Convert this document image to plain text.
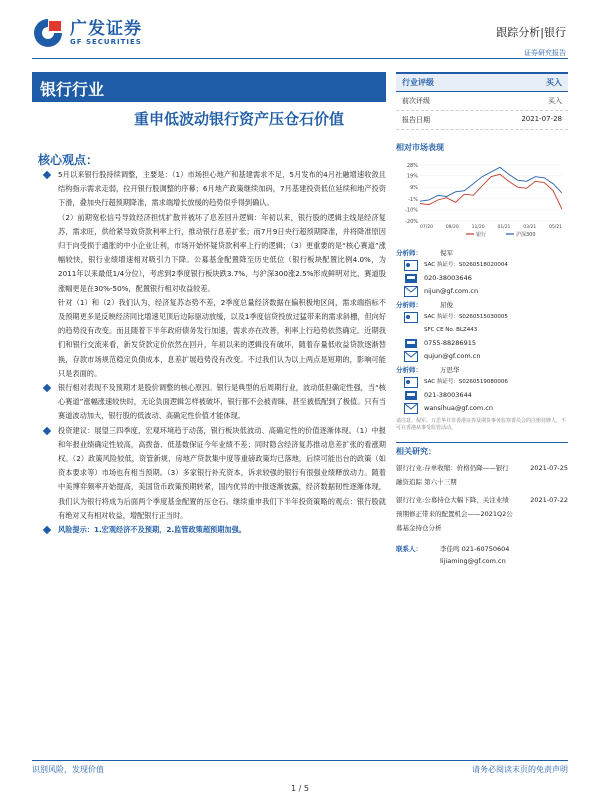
广发证券
GF SECURITIES
跟踪分析|银行
证券研究报告
银行行业
重申低波动银行资产压仓石价值
核心观点：
5月以来银行股持续调整，主要是：（1）市场担心地产和基建需求不足，5月发布的4月社融增速收敛且结构指示需求走弱，拉开银行股调整的序幕；6月地产政策继续加码，7月基建投资低位延续和地产投资下滑，叠加央行超预期降准，需求端增长放缓的趋势似乎得到确认。
（2）前期宽松信号导致经济担忧扩散并被坏了息差回升逻辑：年初以来，银行股的逻辑主线是经济复苏，需求旺，供给紧导致贷款利率上行，推动银行息差扩张；而7月9日央行超预期降准，并将降准原因归于向受损于通胀的中小企业让利，市场开始怀疑贷款利率上行的逻辑；（3）更重要的是“核心赛道”涨幅较快，银行业绩增速相对吸引力下降。公募基金配置降至历史低位（银行板块配置比例4.0%，为2011年以来最低1/4分位），考虑到2季度银行板块跌3.7%，与沪深300涨2.5%形成鲜明对比，赛道股涨幅更是在30%-50%，配置银行相对收益较差。
针对（1）和（2）我们认为，经济复苏态势不差，2季度总量经济数据在偏积极地区间，需求端指标不及预期更多是反映经济同比增速见顶后边际驱动放缓，以及1季度信贷投放过猛带来的需求斜栅，但向好的趋势没有改变。而且随着下半年政府债务发行加速，需求亦在改善，利率上行趋势依然确定。近期我们和银行交流来看，新发贷款定价依然在回升，年初以来的逻辑没有破坏，随着存量低收益贷款逐渐替换，存款市场规范稳定负债成本，息差扩展趋势没有改变。不过我们认为以上两点是短期的，影响可能只是表面的。
银行相对表现不及预期才是股价调整的核心原因。银行是典型的后周期行业，波动低但确定性强，当“核心赛道”涨幅涨速较快时，无论负面逻辑怎样被破坏，银行都不会被青睐，甚至被低配到了极值。只有当赛道波动加大，银行股的低波动、高确定性价值才能体现。
投资建议：展望三四季度，宏观环境趋于动荡，银行板块低波动、高确定性的价值逐渐体现。（1）中报和年报业绩确定性较高，高拨备、低基数保证今年业绩不差；同时隐含经济复苏推动息差扩张的看涨期权。（2）政策风险较低，资管新规、房地产贷款集中度等重磅政策均已落地，后续可能出台的政策（如资本要求等）市场也有相当预期。（3）多家银行补充资本，诉求较强的银行有很强业绩释放动力。随着中美博弈频率开始提高，美国货币政策预期转紧，国内优异的中报逐渐披露，经济数据韧性逐渐体现，我们认为银行将成为后面两个季度基金配置的压仓石。继续重申我们下半年投资策略的观点：银行股就有绝对又有相对收益，增配银行正当时。
风险提示：1.宏观经济不及预期，2.监管政策超预期加强。
行业评级	买入
前次评级	买入
报告日期	2021-07-28
相对市场表现
28%
19%
9%
-1%
-10%
-20%
07/20	09/20	11/20	01/21	03/21	05/21
银行	沪深300
分析师：	倪军
SAC 执证号：S0260518020004
020-38003646
nijun@gf.com.cn
分析师：	屈俊
SAC 执证号：S0260515030005
SFC CE No. BLZ443
0755-88286915
qujun@gf.com.cn
分析师：	万思华
SAC 执证号：S0260519080006
021-38003644
wansihua@gf.com.cn
请注意，倪军、万思华并非香港证券及期货事务监察委员会的注册持牌人，不可在香港从事受监管活动。
相关研究：
银行行业:存单收缩：价格仍降——银行融资追踪 第六十三期
2021-07-25
银行行业:公募持仓大幅下降，关注业绩预期修正带来的配置机会——2021Q2公募基金持仓分析
2021-07-22
联系人：	李佳鸣 021-60750604
lijiaming@gf.com.cn
识别风险，发现价值	请务必阅读末页的免责声明
1 / 5
